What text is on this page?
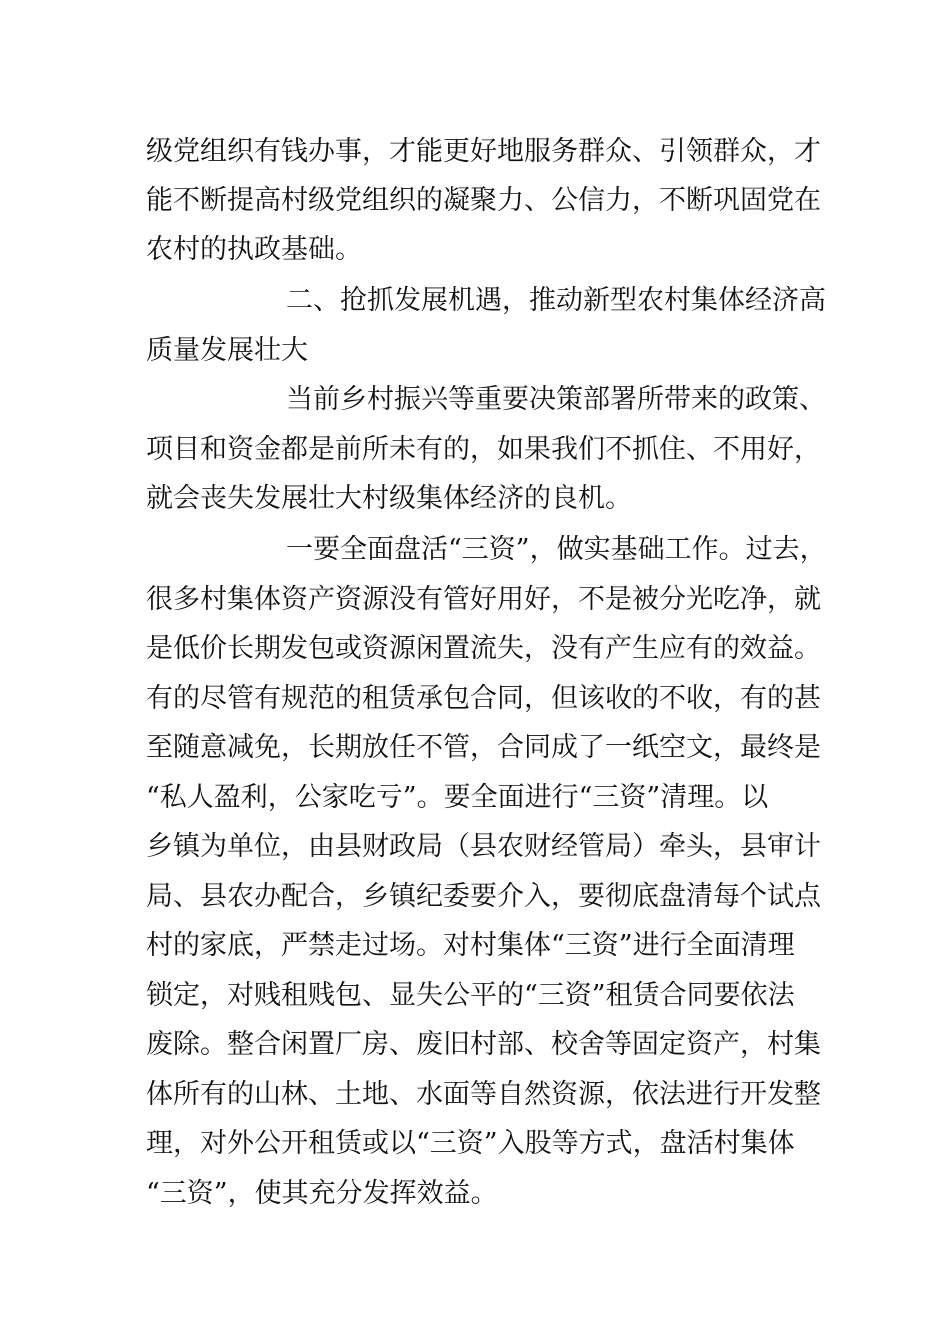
级党组织有钱办事，才能更好地服务群众、引领群众，才
能不断提高村级党组织的凝聚力、公信力，不断巩固党在
农村的执政基础。
二、抢抓发展机遇，推动新型农村集体经济高
质量发展壮大
当前乡村振兴等重要决策部署所带来的政策、
项目和资金都是前所未有的，如果我们不抓住、不用好，
就会丧失发展壮大村级集体经济的良机。
一要全面盘活“三资”，做实基础工作。过去，
很多村集体资产资源没有管好用好，不是被分光吃净，就
是低价长期发包或资源闲置流失，没有产生应有的效益。
有的尽管有规范的租赁承包合同，但该收的不收，有的甚
至随意减免，长期放任不管，合同成了一纸空文，最终是
“私人盈利，公家吃亏”。要全面进行“三资”清理。以
乡镇为单位，由县财政局（县农财经管局）牵头，县审计
局、县农办配合，乡镇纪委要介入，要彻底盘清每个试点
村的家底，严禁走过场。对村集体“三资”进行全面清理
锁定，对贱租贱包、显失公平的“三资”租赁合同要依法
废除。整合闲置厂房、废旧村部、校舍等固定资产，村集
体所有的山林、土地、水面等自然资源，依法进行开发整
理，对外公开租赁或以“三资”入股等方式，盘活村集体
“三资”，使其充分发挥效益。
